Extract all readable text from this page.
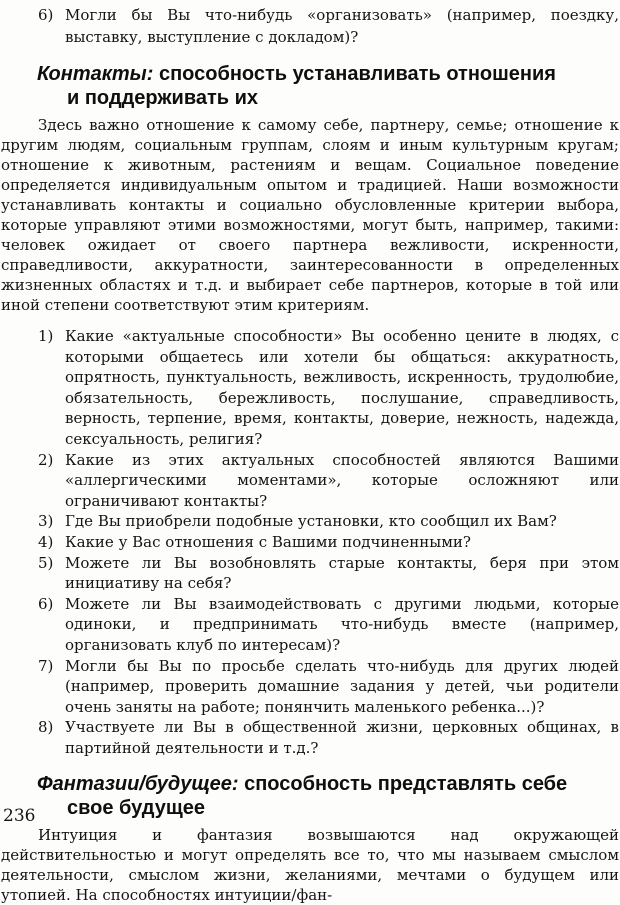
6) Могли бы Вы что-нибудь «организовать» (например, поездку, выставку, выступление с докладом)?
Контакты: способность устанавливать отношения
и поддерживать их

Здесь важно отношение к самому себе, партнеру, семье; отношение к другим людям, социальным группам, слоям и иным культурным кругам; отношение к животным, растениям и вещам. Социальное поведение определяется индивидуальным опытом и традицией. Наши возможности устанавливать контакты и социально обусловленные критерии выбора, которые управляют этими возможностями, могут быть, например, такими: человек ожидает от своего партнера вежливости, искренности, справедливости, аккуратности, заинтересованности в определенных жизненных областях и т.д. и выбирает себе партнеров, которые в той или иной степени соответствуют этим критериям.

1) Какие «актуальные способности» Вы особенно цените в людях, с которыми общаетесь или хотели бы общаться: аккуратность, опрятность, пунктуальность, вежливость, искренность, трудолюбие, обязательность, бережливость, послушание, справедливость, верность, терпение, время, контакты, доверие, нежность, надежда, сексуальность, религия?
2) Какие из этих актуальных способностей являются Вашими «аллергическими моментами», которые осложняют или ограничивают контакты?
3) Где Вы приобрели подобные установки, кто сообщил их Вам?
4) Какие у Вас отношения с Вашими подчиненными?
5) Можете ли Вы возобновлять старые контакты, беря при этом инициативу на себя?
6) Можете ли Вы взаимодействовать с другими людьми, которые одиноки, и предпринимать что-нибудь вместе (например, организовать клуб по интересам)?
7) Могли бы Вы по просьбе сделать что-нибудь для других людей (например, проверить домашние задания у детей, чьи родители очень заняты на работе; понянчить маленького ребенка...)?
8) Участвуете ли Вы в общественной жизни, церковных общинах, в партийной деятельности и т.д.?
Фантазии/будущее: способность представлять себе
свое будущее

Интуиция и фантазия возвышаются над окружающей действительностью и могут определять все то, что мы называем смыслом деятельности, смыслом жизни, желаниями, мечтами о будущем или утопией. На способностях интуиции/фан-

236
